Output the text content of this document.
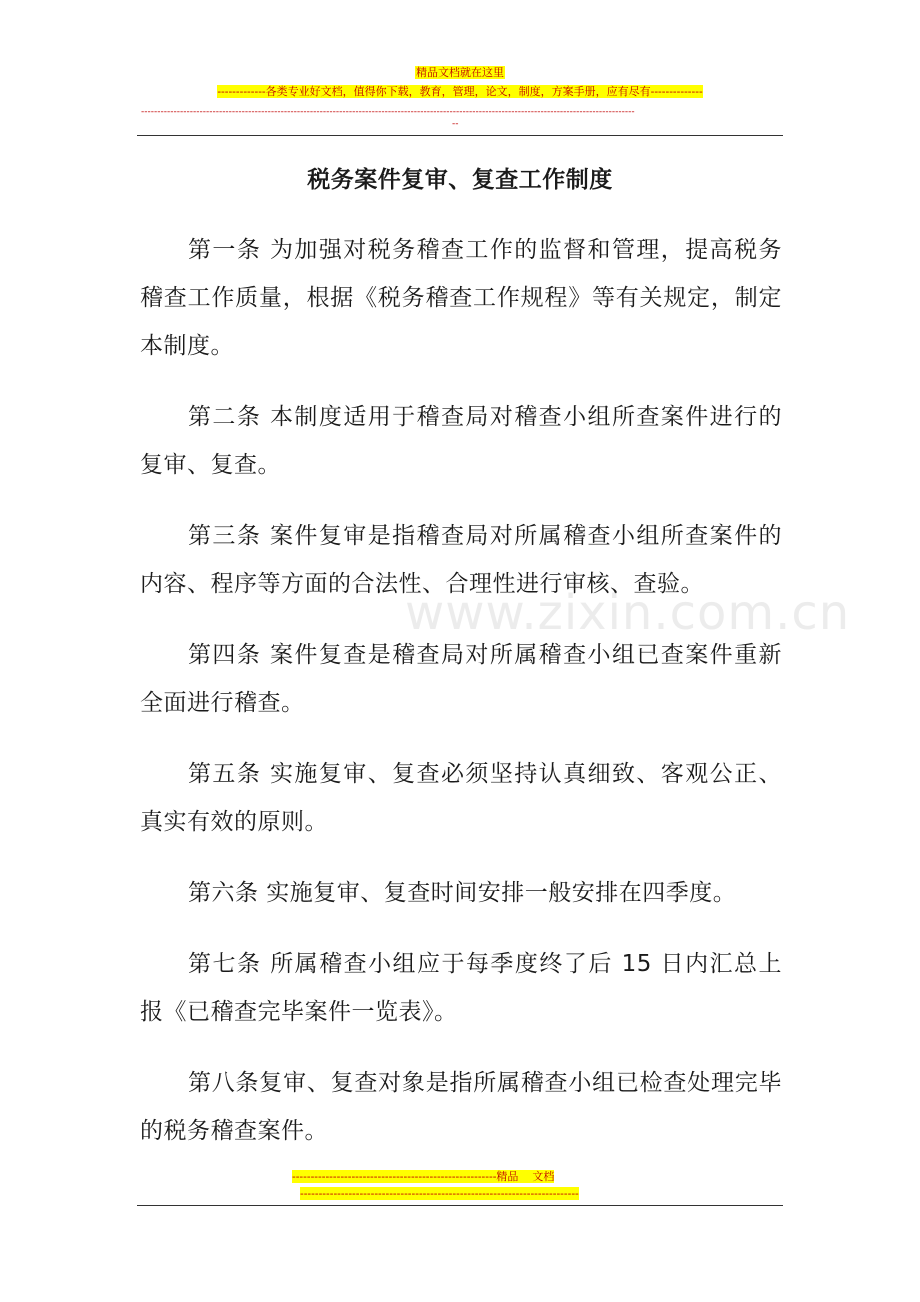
精品文档就在这里
-------------各类专业好文档，值得你下载，教育，管理，论文，制度，方案手册，应有尽有--------------
--------------------------------------------------------------------------------------------------------------------------------------------------------
--
税务案件复审、复查工作制度

第一条 为加强对税务稽查工作的监督和管理，提高税务稽查工作质量，根据《税务稽查工作规程》等有关规定，制定本制度。

第二条 本制度适用于稽查局对稽查小组所查案件进行的复审、复查。

第三条 案件复审是指稽查局对所属稽查小组所查案件的内容、程序等方面的合法性、合理性进行审核、查验。

第四条 案件复查是稽查局对所属稽查小组已查案件重新全面进行稽查。

第五条 实施复审、复查必须坚持认真细致、客观公正、真实有效的原则。

第六条 实施复审、复查时间安排一般安排在四季度。

第七条 所属稽查小组应于每季度终了后 15 日内汇总上报《已稽查完毕案件一览表》。

第八条复审、复查对象是指所属稽查小组已检查处理完毕的税务稽查案件。

www.zixin.com.cn
-------------------------------------------------------精品    文档
---------------------------------------------------------------------------
